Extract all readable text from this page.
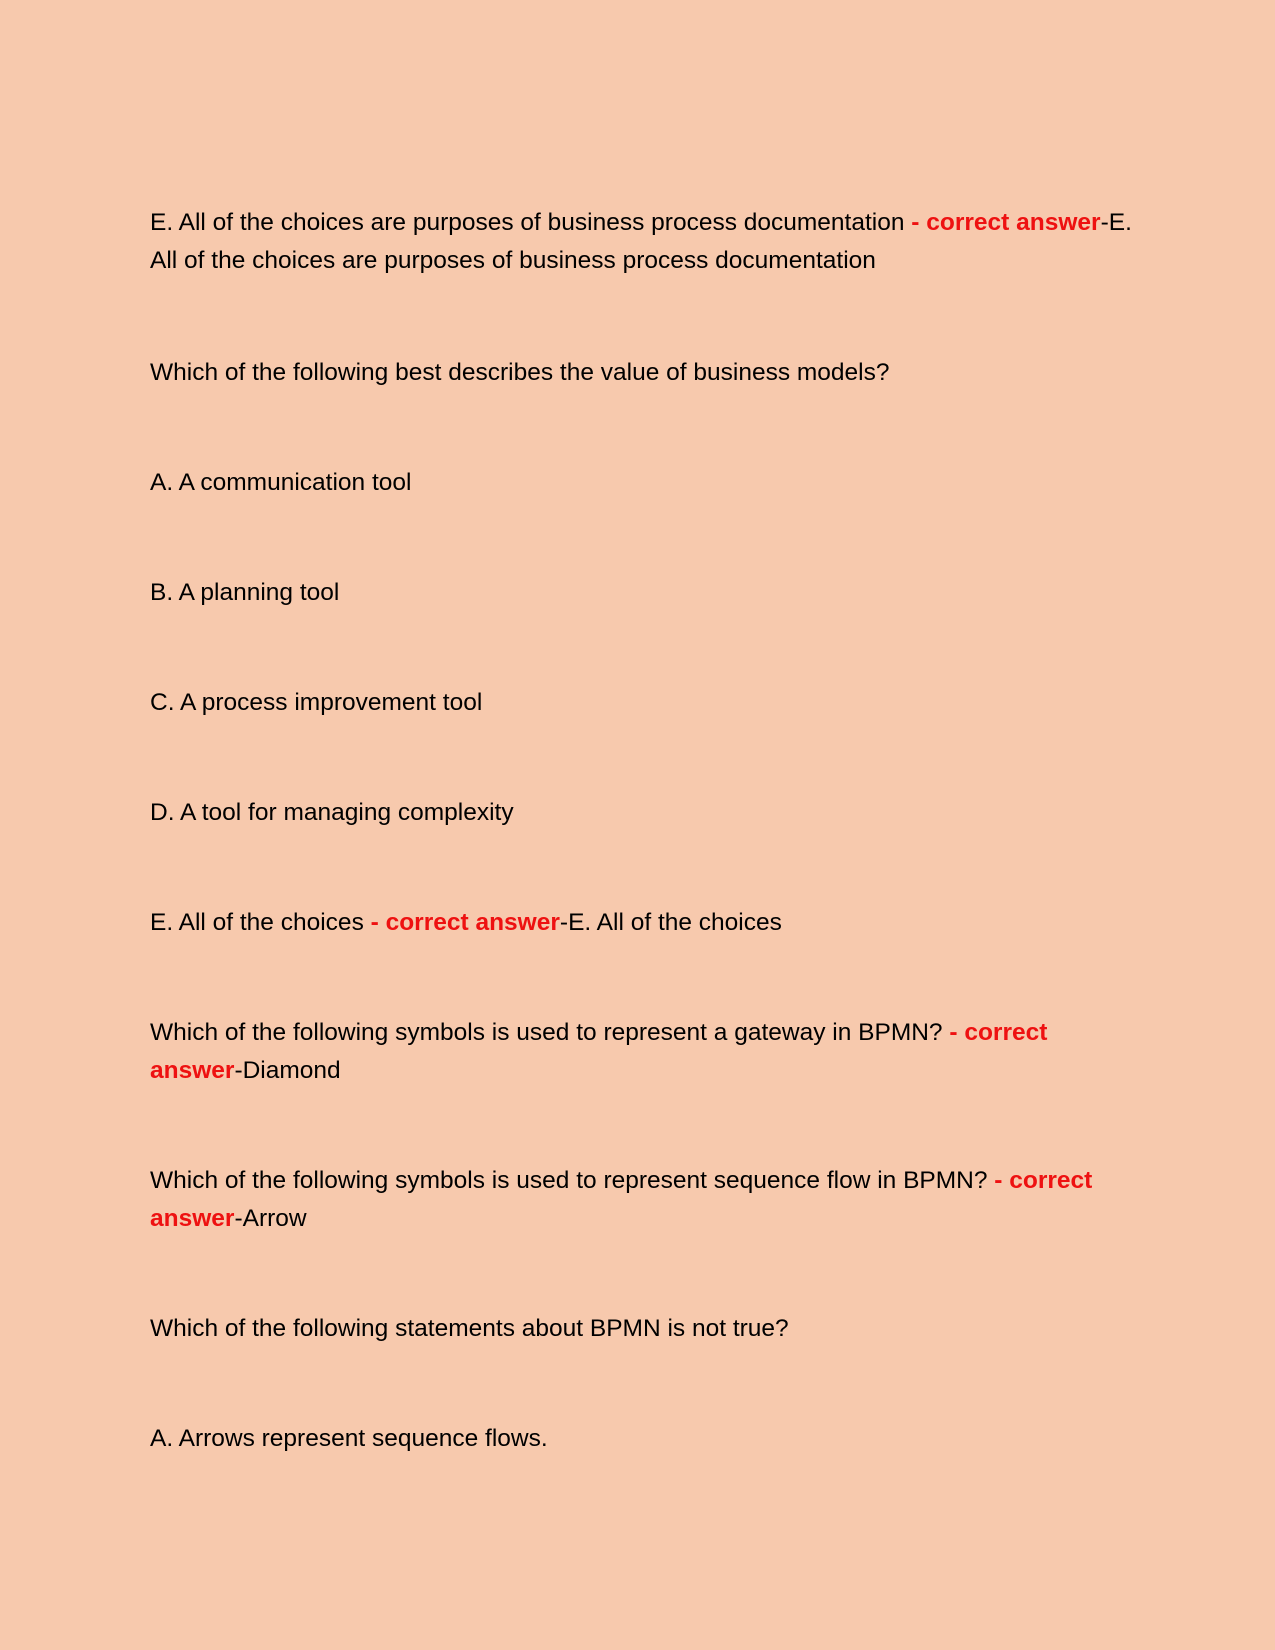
E. All of the choices are purposes of business process documentation - correct answer-E. All of the choices are purposes of business process documentation

Which of the following best describes the value of business models?

A. A communication tool

B. A planning tool

C. A process improvement tool

D. A tool for managing complexity

E. All of the choices - correct answer-E. All of the choices

Which of the following symbols is used to represent a gateway in BPMN? - correct answer-Diamond

Which of the following symbols is used to represent sequence flow in BPMN? - correct answer-Arrow

Which of the following statements about BPMN is not true?

A. Arrows represent sequence flows.
